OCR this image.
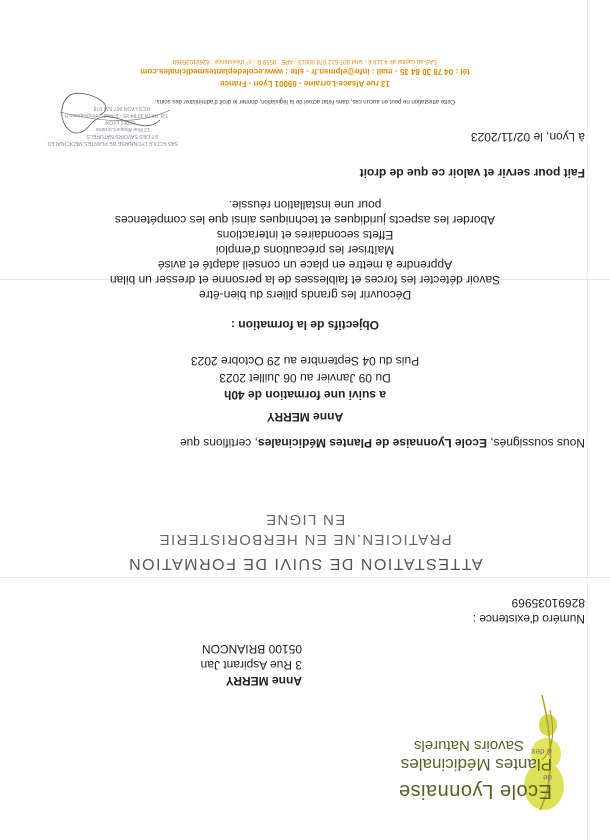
Ecole Lyonnaise
de
Plantes Médicinales
& des
Savoirs Naturels
Anne MERRY
3 Rue Aspirant Jan
05100 BRIANCON
Numéro d'existence :
82691035969
ATTESTATION DE SUIVI DE FORMATION
PRATICIEN.NE EN HERBORISTERIE
EN LIGNE
Nous soussignés, Ecole Lyonnaise de Plantes Médicinales, certifions que
Anne MERRY
a suivi une formation de 40h
Du 09 Janvier au 06 Juillet 2023
Puis du 04 Septembre au 29 Octobre 2023
Objectifs de la formation :
Découvrir les grands piliers du bien-être
Savoir détecter les forces et faiblesses de la personne et dresser un bilan
Apprendre à mettre en place un conseil adapté et avisé
Maîtriser les précautions d'emploi
Effets secondaires et interactions
Aborder les aspects juridiques et techniques ainsi que les compétences
pour une installation réussie.
Fait pour servir et valoir ce que de droit
à Lyon, le 02/11/2023
SAS ECOLE LYONNAISE DE PLANTES MEDICINALES
ET DES SAVOIRS NATURELS
13 Rue Alsace-Lorraine
69001 LYON
Tél. 04 78 30 84 35 - E-Mail : info@elpmsn.fr
RCS LYON 907 522 078
Cette attestation ne peut en aucun cas, dans l'état actuel de la législation, donner le droit d'administrer des soins.
13 rue Alsace-Lorraine - 69001 Lyon - France
tél : 04 78 30 84 35 - mail : info@elpmsn.fr - site : www.ecoledeplantesmedicinales.com
SAS au capital de 4 118 € - siret 907 522 078 00013 - APE : 8559 B - n° d'existence : 82691035969
